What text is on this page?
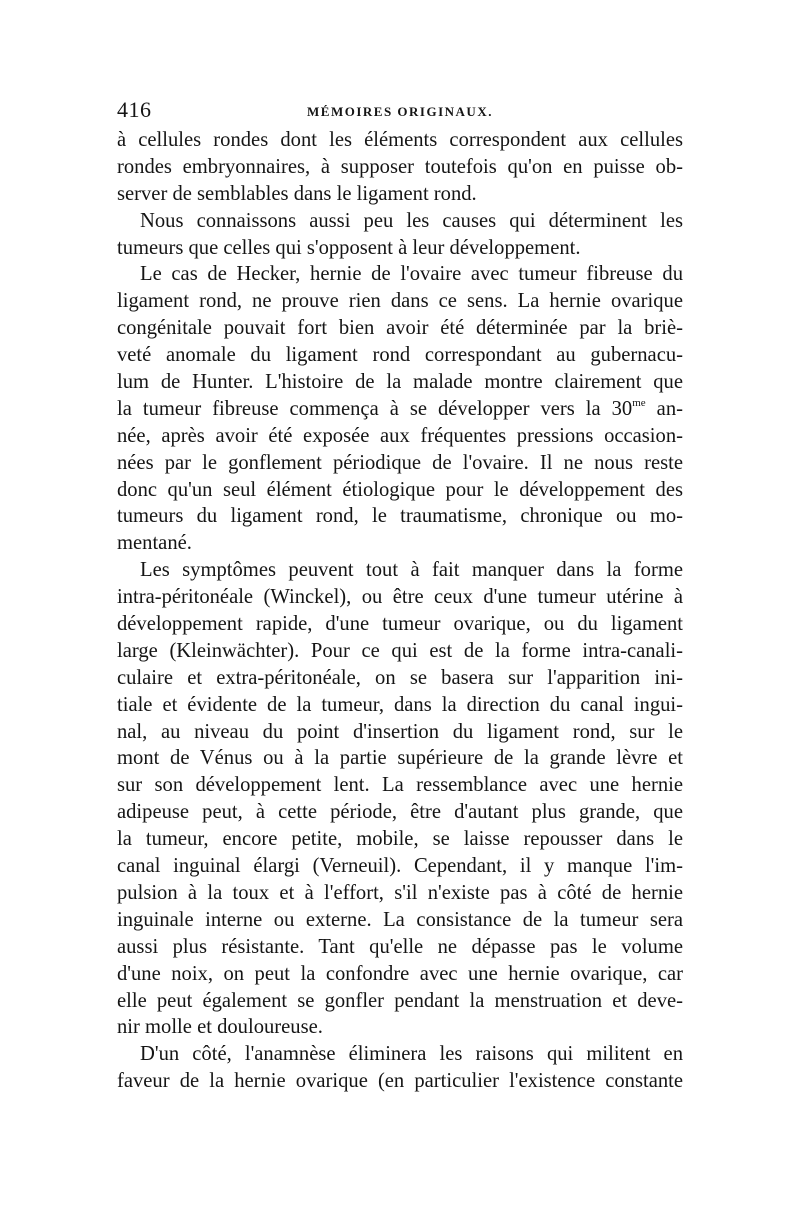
416	MÉMOIRES ORIGINAUX.
à cellules rondes dont les éléments correspondent aux cellules
rondes embryonnaires, à supposer toutefois qu'on en puisse ob-
server de semblables dans le ligament rond.
Nous connaissons aussi peu les causes qui déterminent les
tumeurs que celles qui s'opposent à leur développement.
Le cas de Hecker, hernie de l'ovaire avec tumeur fibreuse du
ligament rond, ne prouve rien dans ce sens. La hernie ovarique
congénitale pouvait fort bien avoir été déterminée par la briè-
veté anomale du ligament rond correspondant au gubernacu-
lum de Hunter. L'histoire de la malade montre clairement que
la tumeur fibreuse commença à se développer vers la $30^{me}$ an-
née, après avoir été exposée aux fréquentes pressions occasion-
nées par le gonflement périodique de l'ovaire. Il ne nous reste
donc qu'un seul élément étiologique pour le développement des
tumeurs du ligament rond, le traumatisme, chronique ou mo-
mentané.
Les symptômes peuvent tout à fait manquer dans la forme
intra-péritonéale (Winckel), ou être ceux d'une tumeur utérine à
développement rapide, d'une tumeur ovarique, ou du ligament
large (Kleinwächter). Pour ce qui est de la forme intra-canali-
culaire et extra-péritonéale, on se basera sur l'apparition ini-
tiale et évidente de la tumeur, dans la direction du canal ingui-
nal, au niveau du point d'insertion du ligament rond, sur le
mont de Vénus ou à la partie supérieure de la grande lèvre et
sur son développement lent. La ressemblance avec une hernie
adipeuse peut, à cette période, être d'autant plus grande, que
la tumeur, encore petite, mobile, se laisse repousser dans le
canal inguinal élargi (Verneuil). Cependant, il y manque l'im-
pulsion à la toux et à l'effort, s'il n'existe pas à côté de hernie
inguinale interne ou externe. La consistance de la tumeur sera
aussi plus résistante. Tant qu'elle ne dépasse pas le volume
d'une noix, on peut la confondre avec une hernie ovarique, car
elle peut également se gonfler pendant la menstruation et deve-
nir molle et douloureuse.
D'un côté, l'anamnèse éliminera les raisons qui militent en
faveur de la hernie ovarique (en particulier l'existence constante
